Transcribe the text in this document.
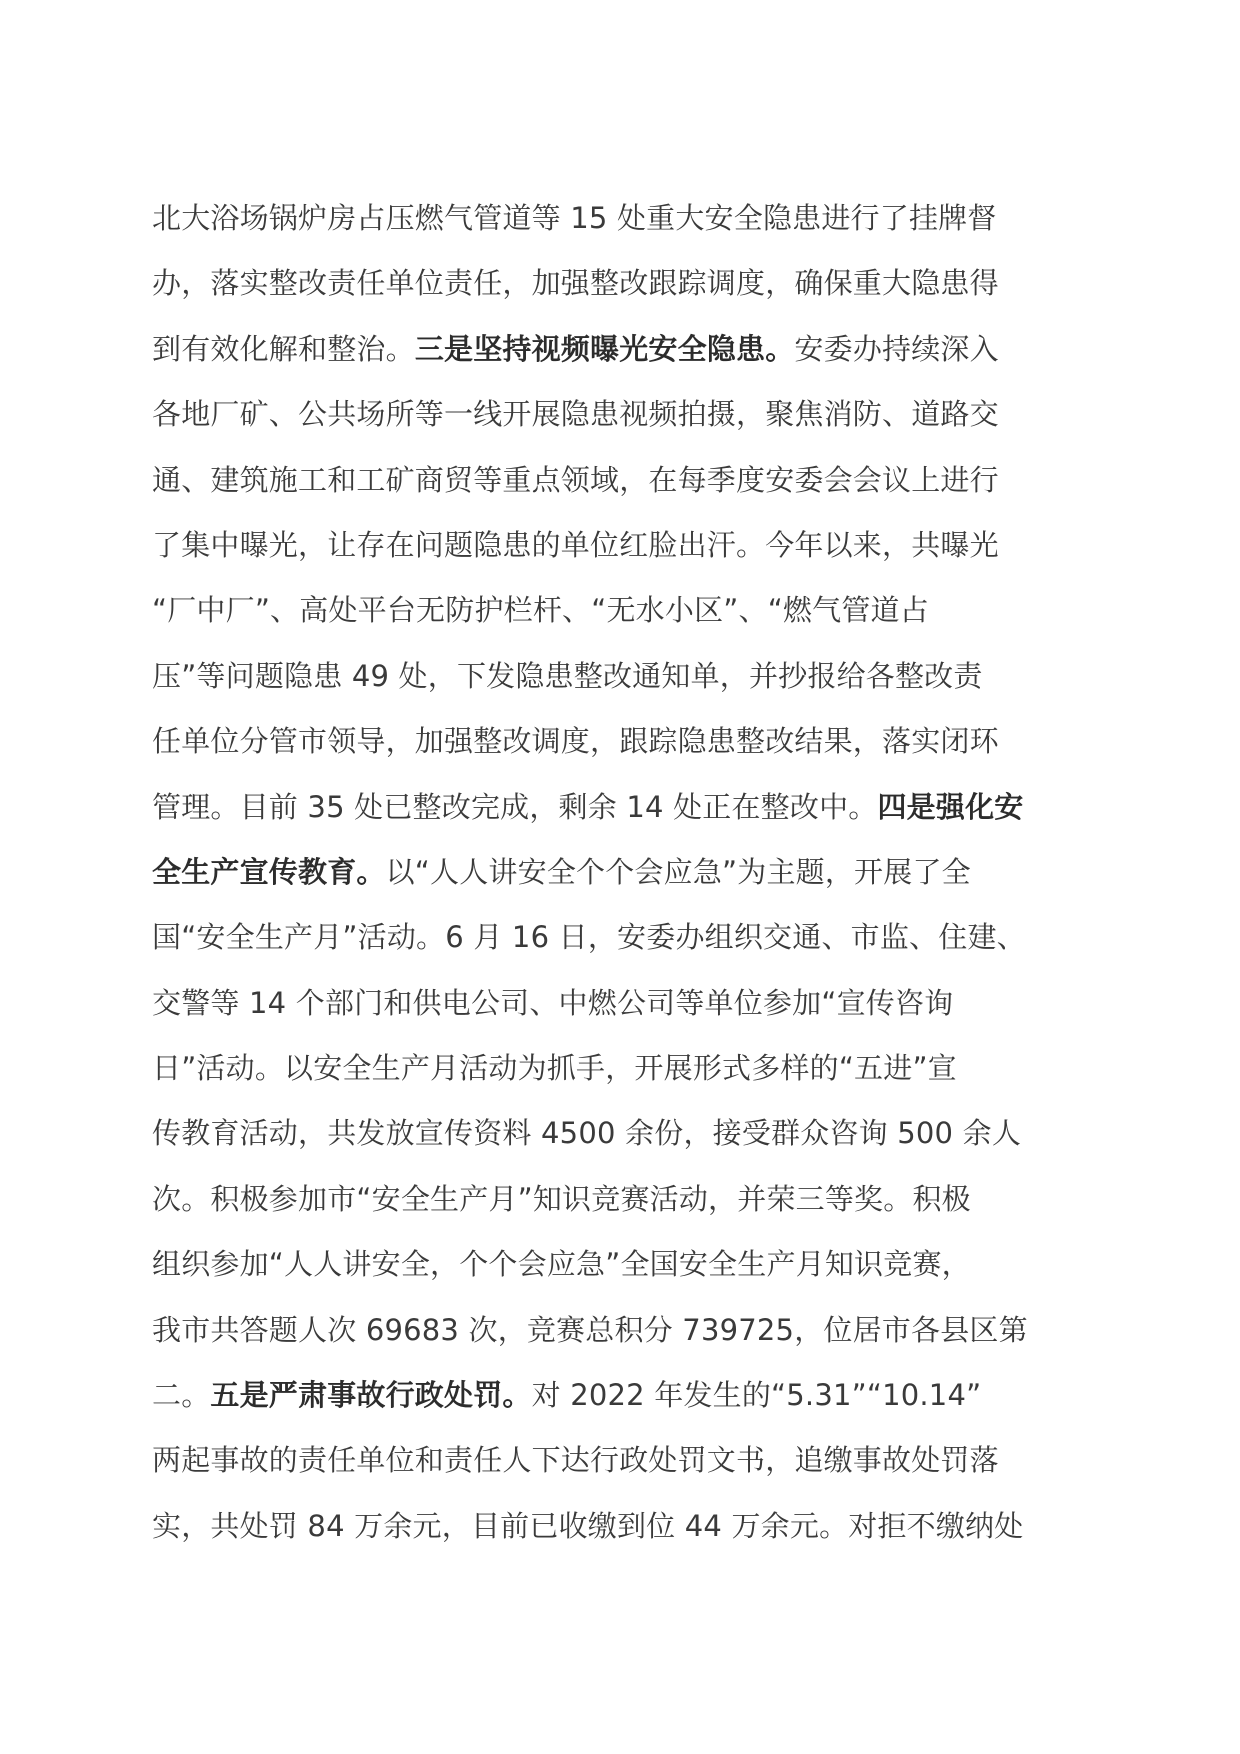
北大浴场锅炉房占压燃气管道等 15 处重大安全隐患进行了挂牌督
办，落实整改责任单位责任，加强整改跟踪调度，确保重大隐患得
到有效化解和整治。三是坚持视频曝光安全隐患。安委办持续深入
各地厂矿、公共场所等一线开展隐患视频拍摄，聚焦消防、道路交
通、建筑施工和工矿商贸等重点领域，在每季度安委会会议上进行
了集中曝光，让存在问题隐患的单位红脸出汗。今年以来，共曝光
“厂中厂”、高处平台无防护栏杆、“无水小区”、“燃气管道占
压”等问题隐患 49 处，下发隐患整改通知单，并抄报给各整改责
任单位分管市领导，加强整改调度，跟踪隐患整改结果，落实闭环
管理。目前 35 处已整改完成，剩余 14 处正在整改中。四是强化安
全生产宣传教育。以“人人讲安全个个会应急”为主题，开展了全
国“安全生产月”活动。6 月 16 日，安委办组织交通、市监、住建、
交警等 14 个部门和供电公司、中燃公司等单位参加“宣传咨询
日”活动。以安全生产月活动为抓手，开展形式多样的“五进”宣
传教育活动，共发放宣传资料 4500 余份，接受群众咨询 500 余人
次。积极参加市“安全生产月”知识竞赛活动，并荣三等奖。积极
组织参加“人人讲安全，个个会应急”全国安全生产月知识竞赛，
我市共答题人次 69683 次，竞赛总积分 739725，位居市各县区第
二。五是严肃事故行政处罚。对 2022 年发生的“5.31”“10.14”
两起事故的责任单位和责任人下达行政处罚文书，追缴事故处罚落
实，共处罚 84 万余元，目前已收缴到位 44 万余元。对拒不缴纳处
